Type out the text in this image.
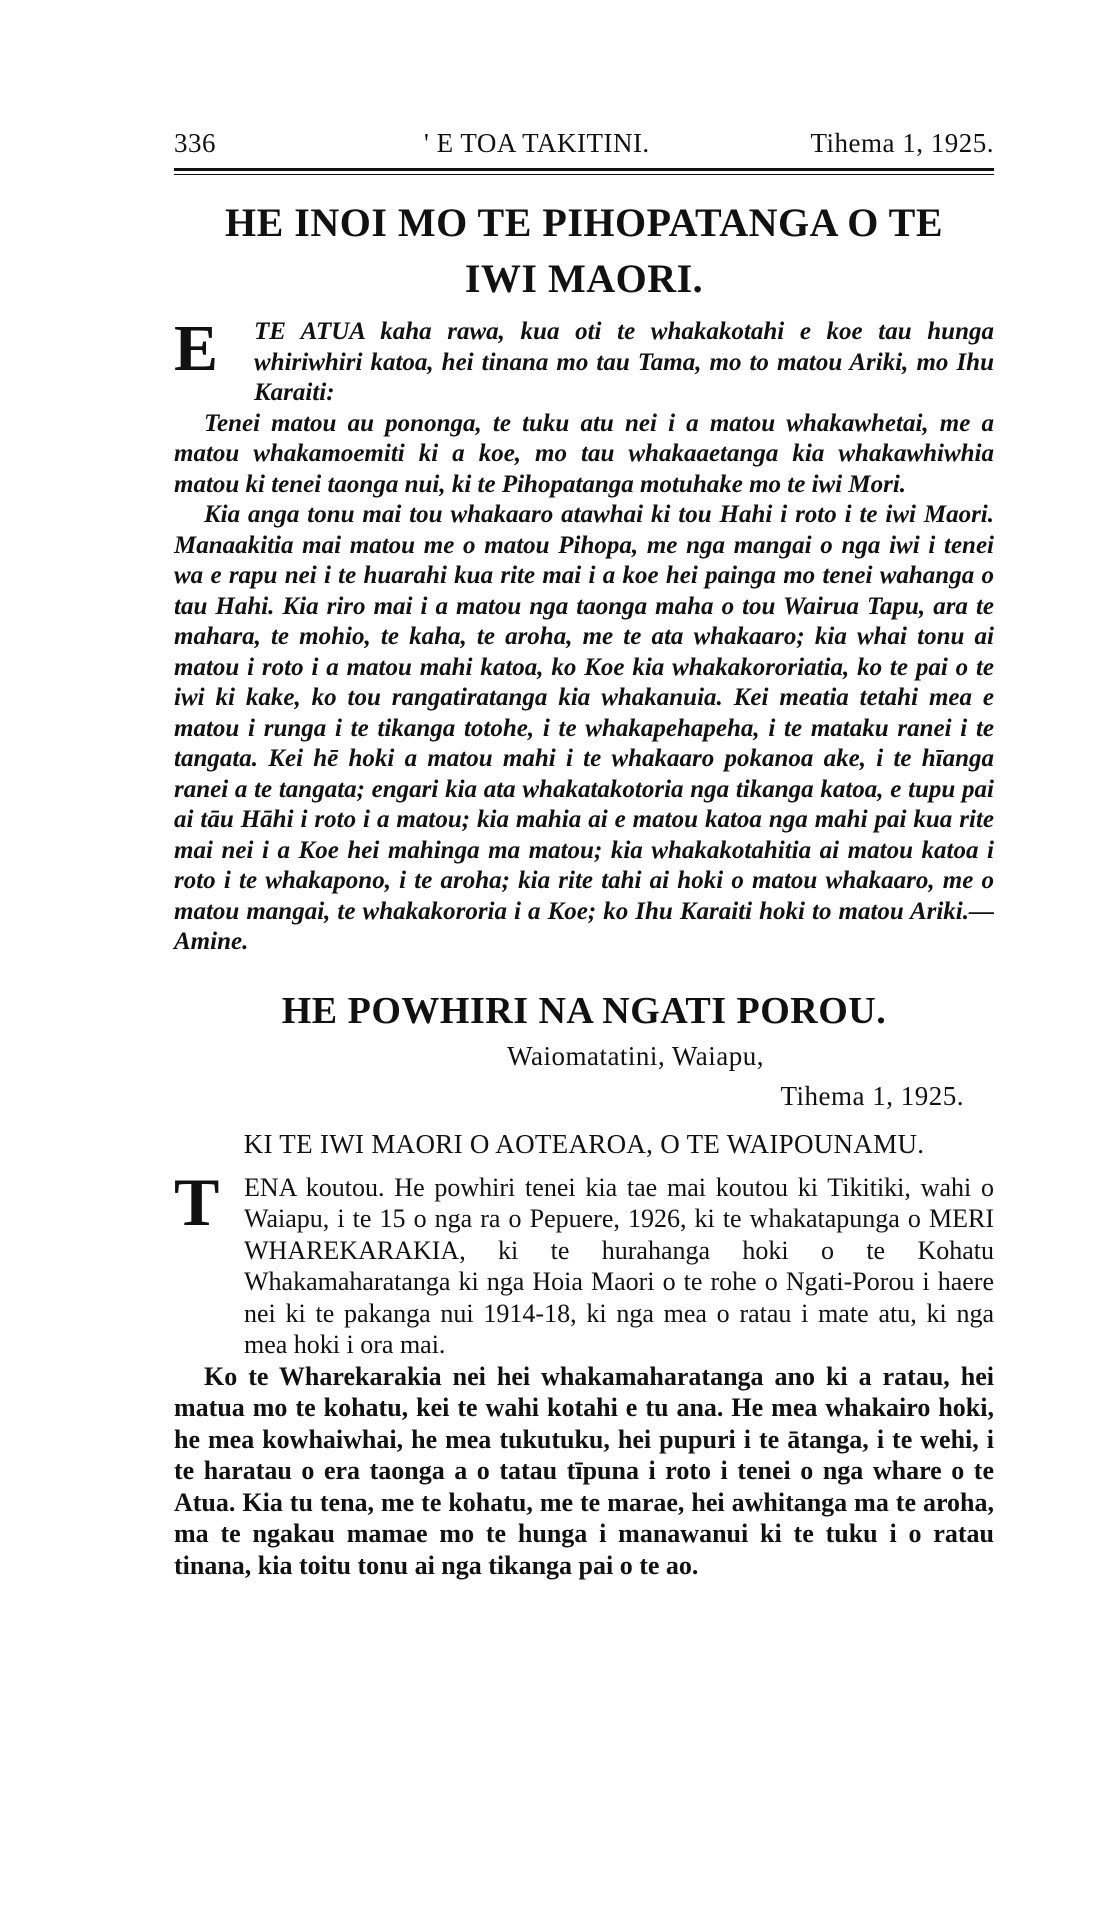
336	' E TOA TAKITINI.	Tihema 1, 1925.
HE INOI MO TE PIHOPATANGA O TE IWI MAORI.

E TE ATUA kaha rawa, kua oti te whakakotahi e koe tau hunga whiriwhiri katoa, hei tinana mo tau Tama, mo to matou Ariki, mo Ihu Karaiti:

Tenei matou au pononga, te tuku atu nei i a matou whakawhetai, me a matou whakamoemiti ki a koe, mo tau whakaaetanga kia whakawhiwhia matou ki tenei taonga nui, ki te Pihopatanga motuhake mo te iwi Mori.

Kia anga tonu mai tou whakaaro atawhai ki tou Hahi i roto i te iwi Maori. Manaakitia mai matou me o matou Pihopa, me nga mangai o nga iwi i tenei wa e rapu nei i te huarahi kua rite mai i a koe hei painga mo tenei wahanga o tau Hahi. Kia riro mai i a matou nga taonga maha o tou Wairua Tapu, ara te mahara, te mohio, te kaha, te aroha, me te ata whakaaro; kia whai tonu ai matou i roto i a matou mahi katoa, ko Koe kia whakakororiatia, ko te pai o te iwi ki kake, ko tou rangatiratanga kia whakanuia. Kei meatia tetahi mea e matou i runga i te tikanga totohe, i te whakapehapeha, i te mataku ranei i te tangata. Kei hē hoki a matou mahi i te whakaaro pokanoa ake, i te hīanga ranei a te tangata; engari kia ata whakatakotoria nga tikanga katoa, e tupu pai ai tāu Hāhi i roto i a matou; kia mahia ai e matou katoa nga mahi pai kua rite mai nei i a Koe hei mahinga ma matou; kia whakakotahitia ai matou katoa i roto i te whakapono, i te aroha; kia rite tahi ai hoki o matou whakaaro, me o matou mangai, te whakakororia i a Koe; ko Ihu Karaiti hoki to matou Ariki.—Amine.

HE POWHIRI NA NGATI POROU.
Waiomatatini, Waiapu,
Tihema 1, 1925.
KI TE IWI MAORI O AOTEAROA, O TE WAIPOUNAMU.

T ENA koutou. He powhiri tenei kia tae mai koutou ki Tikitiki, wahi o Waiapu, i te 15 o nga ra o Pepuere, 1926, ki te whakatapunga o MERI WHAREKARAKIA, ki te hurahanga hoki o te Kohatu Whakamaharatanga ki nga Hoia Maori o te rohe o Ngati-Porou i haere nei ki te pakanga nui 1914-18, ki nga mea o ratau i mate atu, ki nga mea hoki i ora mai.

Ko te Wharekarakia nei hei whakamaharatanga ano ki a ratau, hei matua mo te kohatu, kei te wahi kotahi e tu ana. He mea whakairo hoki, he mea kowhaiwhai, he mea tukutuku, hei pupuri i te ātanga, i te wehi, i te haratau o era taonga a o tatau tīpuna i roto i tenei o nga whare o te Atua. Kia tu tena, me te kohatu, me te marae, hei awhitanga ma te aroha, ma te ngakau mamae mo te hunga i manawanui ki te tuku i o ratau tinana, kia toitu tonu ai nga tikanga pai o te ao.
